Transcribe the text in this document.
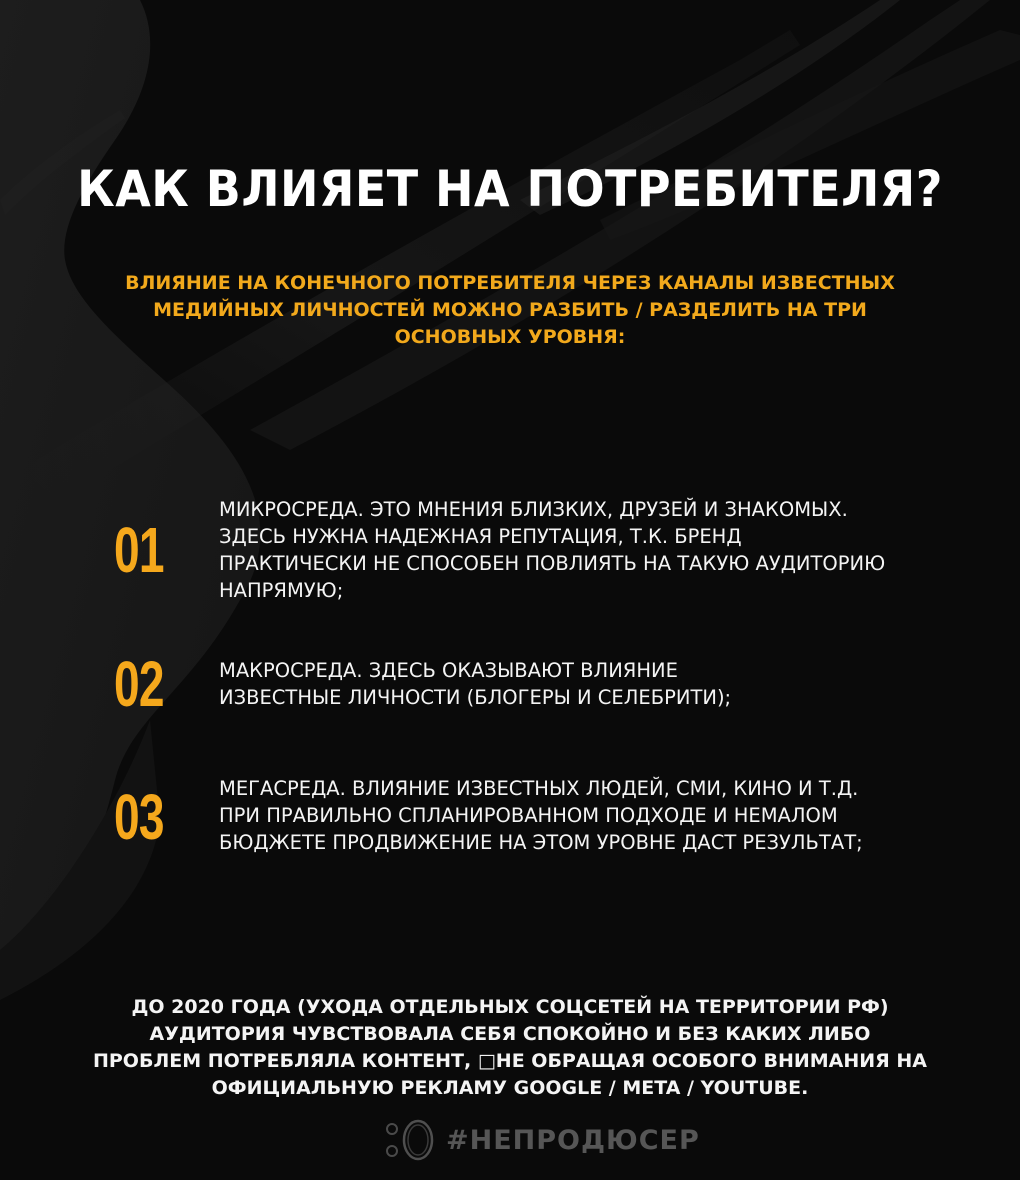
КАК ВЛИЯЕТ НА ПОТРЕБИТЕЛЯ?
ВЛИЯНИЕ НА КОНЕЧНОГО ПОТРЕБИТЕЛЯ ЧЕРЕЗ КАНАЛЫ ИЗВЕСТНЫХ
МЕДИЙНЫХ ЛИЧНОСТЕЙ МОЖНО РАЗБИТЬ / РАЗДЕЛИТЬ НА ТРИ
ОСНОВНЫХ УРОВНЯ:
01
МИКРОСРЕДА. ЭТО МНЕНИЯ БЛИЗКИХ, ДРУЗЕЙ И ЗНАКОМЫХ.
ЗДЕСЬ НУЖНА НАДЕЖНАЯ РЕПУТАЦИЯ, Т.К. БРЕНД
ПРАКТИЧЕСКИ НЕ СПОСОБЕН ПОВЛИЯТЬ НА ТАКУЮ АУДИТОРИЮ
НАПРЯМУЮ;
02	МАКРОСРЕДА. ЗДЕСЬ ОКАЗЫВАЮТ ВЛИЯНИЕ
ИЗВЕСТНЫЕ ЛИЧНОСТИ (БЛОГЕРЫ И СЕЛЕБРИТИ);
03	МЕГАСРЕДА. ВЛИЯНИЕ ИЗВЕСТНЫХ ЛЮДЕЙ, СМИ, КИНО И Т.Д.
ПРИ ПРАВИЛЬНО СПЛАНИРОВАННОМ ПОДХОДЕ И НЕМАЛОМ
БЮДЖЕТЕ ПРОДВИЖЕНИЕ НА ЭТОМ УРОВНЕ ДАСТ РЕЗУЛЬТАТ;
ДО 2020 ГОДА (УХОДА ОТДЕЛЬНЫХ СОЦСЕТЕЙ НА ТЕРРИТОРИИ РФ)
АУДИТОРИЯ ЧУВСТВОВАЛА СЕБЯ СПОКОЙНО И БЕЗ КАКИХ ЛИБО
ПРОБЛЕМ ПОТРЕБЛЯЛА КОНТЕНТ, □НЕ ОБРАЩАЯ ОСОБОГО ВНИМАНИЯ НА
ОФИЦИАЛЬНУЮ РЕКЛАМУ GOOGLE / META / YOUTUBE.
#НЕПРОДЮСЕР
